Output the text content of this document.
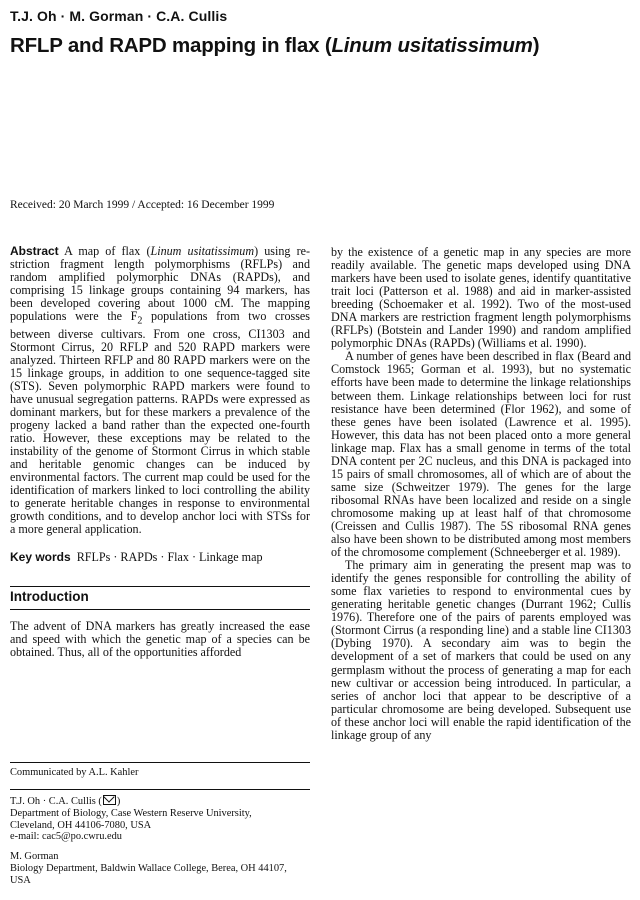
T.J. Oh · M. Gorman · C.A. Cullis
RFLP and RAPD mapping in flax (Linum usitatissimum)
Received: 20 March 1999 / Accepted: 16 December 1999

Abstract A map of flax (Linum usitatissimum) using restriction fragment length polymorphisms (RFLPs) and random amplified polymorphic DNAs (RAPDs), and comprising 15 linkage groups containing 94 markers, has been developed covering about 1000 cM. The mapping populations were the $F_2$ populations from two crosses between diverse cultivars. From one cross, CI1303 and Stormont Cirrus, 20 RFLP and 520 RAPD markers were analyzed. Thirteen RFLP and 80 RAPD markers were on the 15 linkage groups, in addition to one sequence-tagged site (STS). Seven polymorphic RAPD markers were found to have unusual segregation patterns. RAPDs were expressed as dominant markers, but for these markers a prevalence of the progeny lacked a band rather than the expected one-fourth ratio. However, these exceptions may be related to the instability of the genome of Stormont Cirrus in which stable and heritable genomic changes can be induced by environmental factors. The current map could be used for the identification of markers linked to loci controlling the ability to generate heritable changes in response to environmental growth conditions, and to develop anchor loci with STSs for a more general application.

Key words  RFLPs · RAPDs · Flax · Linkage map

Introduction

The advent of DNA markers has greatly increased the ease and speed with which the genetic map of a species can be obtained. Thus, all of the opportunities afforded

Communicated by A.L. Kahler

T.J. Oh · C.A. Cullis ( )

Department of Biology, Case Western Reserve University,

Cleveland, OH 44106-7080, USA

e-mail: cac5@po.cwru.edu

M. Gorman

Biology Department, Baldwin Wallace College, Berea, OH 44107,

USA

by the existence of a genetic map in any species are more readily available. The genetic maps developed using DNA markers have been used to isolate genes, identify quantitative trait loci (Patterson et al. 1988) and aid in marker-assisted breeding (Schoemaker et al. 1992). Two of the most-used DNA markers are restriction fragment length polymorphisms (RFLPs) (Botstein and Lander 1990) and random amplified polymorphic DNAs (RAPDs) (Williams et al. 1990).

A number of genes have been described in flax (Beard and Comstock 1965; Gorman et al. 1993), but no systematic efforts have been made to determine the linkage relationships between them. Linkage relationships between loci for rust resistance have been determined (Flor 1962), and some of these genes have been isolated (Lawrence et al. 1995). However, this data has not been placed onto a more general linkage map. Flax has a small genome in terms of the total DNA content per 2C nucleus, and this DNA is packaged into 15 pairs of small chromosomes, all of which are of about the same size (Schweitzer 1979). The genes for the large ribosomal RNAs have been localized and reside on a single chromosome making up at least half of that chromosome (Creissen and Cullis 1987). The 5S ribosomal RNA genes also have been shown to be distributed among most members of the chromosome complement (Schneeberger et al. 1989).

The primary aim in generating the present map was to identify the genes responsible for controlling the ability of some flax varieties to respond to environmental cues by generating heritable genetic changes (Durrant 1962; Cullis 1976). Therefore one of the pairs of parents employed was (Stormont Cirrus (a responding line) and a stable line CI1303 (Dybing 1970). A secondary aim was to begin the development of a set of markers that could be used on any germplasm without the process of generating a map for each new cultivar or accession being introduced. In particular, a series of anchor loci that appear to be descriptive of a particular chromosome are being developed. Subsequent use of these anchor loci will enable the rapid identification of the linkage group of any
